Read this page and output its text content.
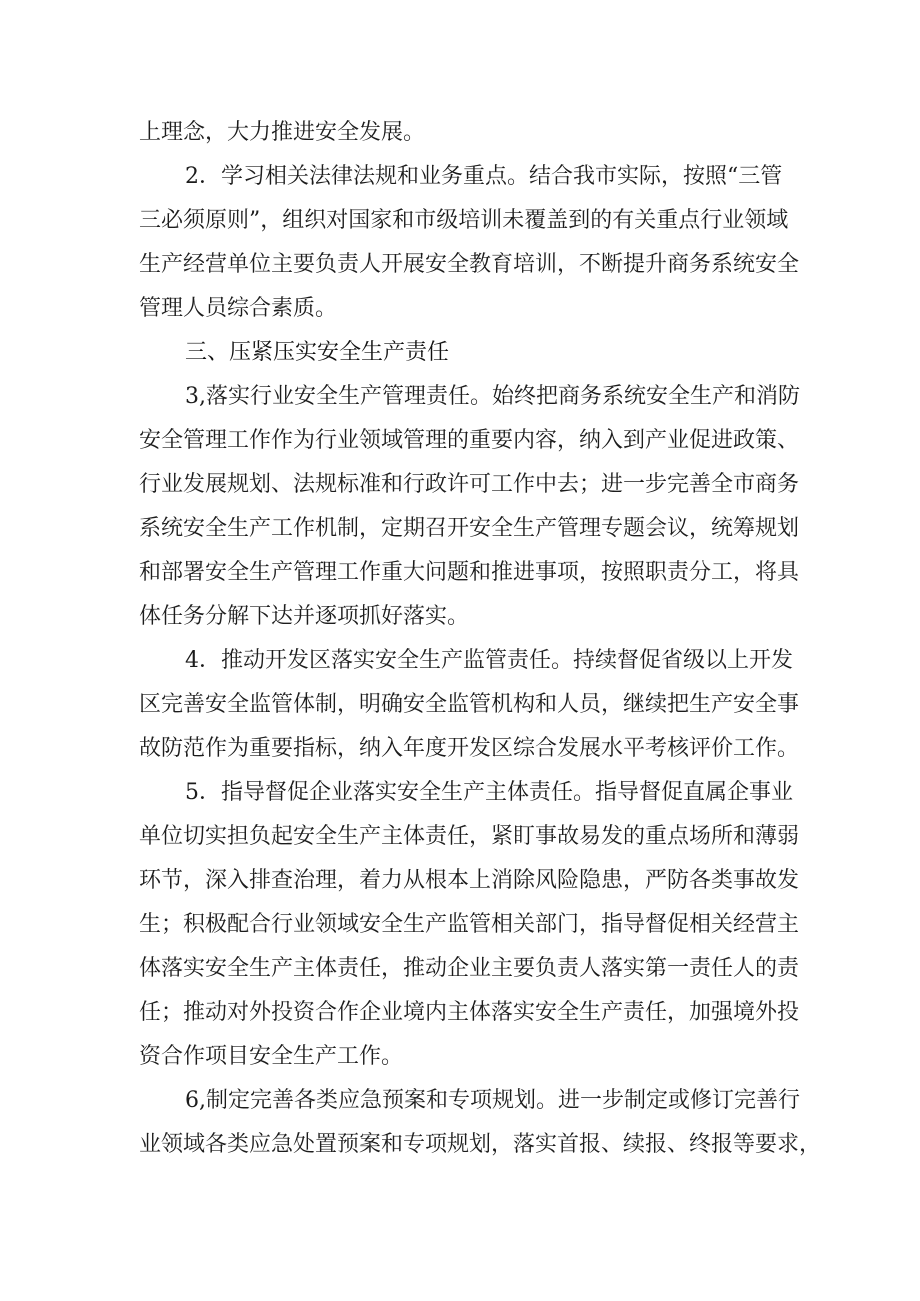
上理念，大力推进安全发展。
2．学习相关法律法规和业务重点。结合我市实际，按照“三管
三必须原则”，组织对国家和市级培训未覆盖到的有关重点行业领域
生产经营单位主要负责人开展安全教育培训，不断提升商务系统安全
管理人员综合素质。
三、压紧压实安全生产责任
3,落实行业安全生产管理责任。始终把商务系统安全生产和消防
安全管理工作作为行业领域管理的重要内容，纳入到产业促进政策、
行业发展规划、法规标准和行政许可工作中去；进一步完善全市商务
系统安全生产工作机制，定期召开安全生产管理专题会议，统筹规划
和部署安全生产管理工作重大问题和推进事项，按照职责分工，将具
体任务分解下达并逐项抓好落实。
4．推动开发区落实安全生产监管责任。持续督促省级以上开发
区完善安全监管体制，明确安全监管机构和人员，继续把生产安全事
故防范作为重要指标，纳入年度开发区综合发展水平考核评价工作。
5．指导督促企业落实安全生产主体责任。指导督促直属企事业
单位切实担负起安全生产主体责任，紧盯事故易发的重点场所和薄弱
环节，深入排查治理，着力从根本上消除风险隐患，严防各类事故发
生；积极配合行业领域安全生产监管相关部门，指导督促相关经营主
体落实安全生产主体责任，推动企业主要负责人落实第一责任人的责
任；推动对外投资合作企业境内主体落实安全生产责任，加强境外投
资合作项目安全生产工作。
6,制定完善各类应急预案和专项规划。进一步制定或修订完善行
业领域各类应急处置预案和专项规划，落实首报、续报、终报等要求，
